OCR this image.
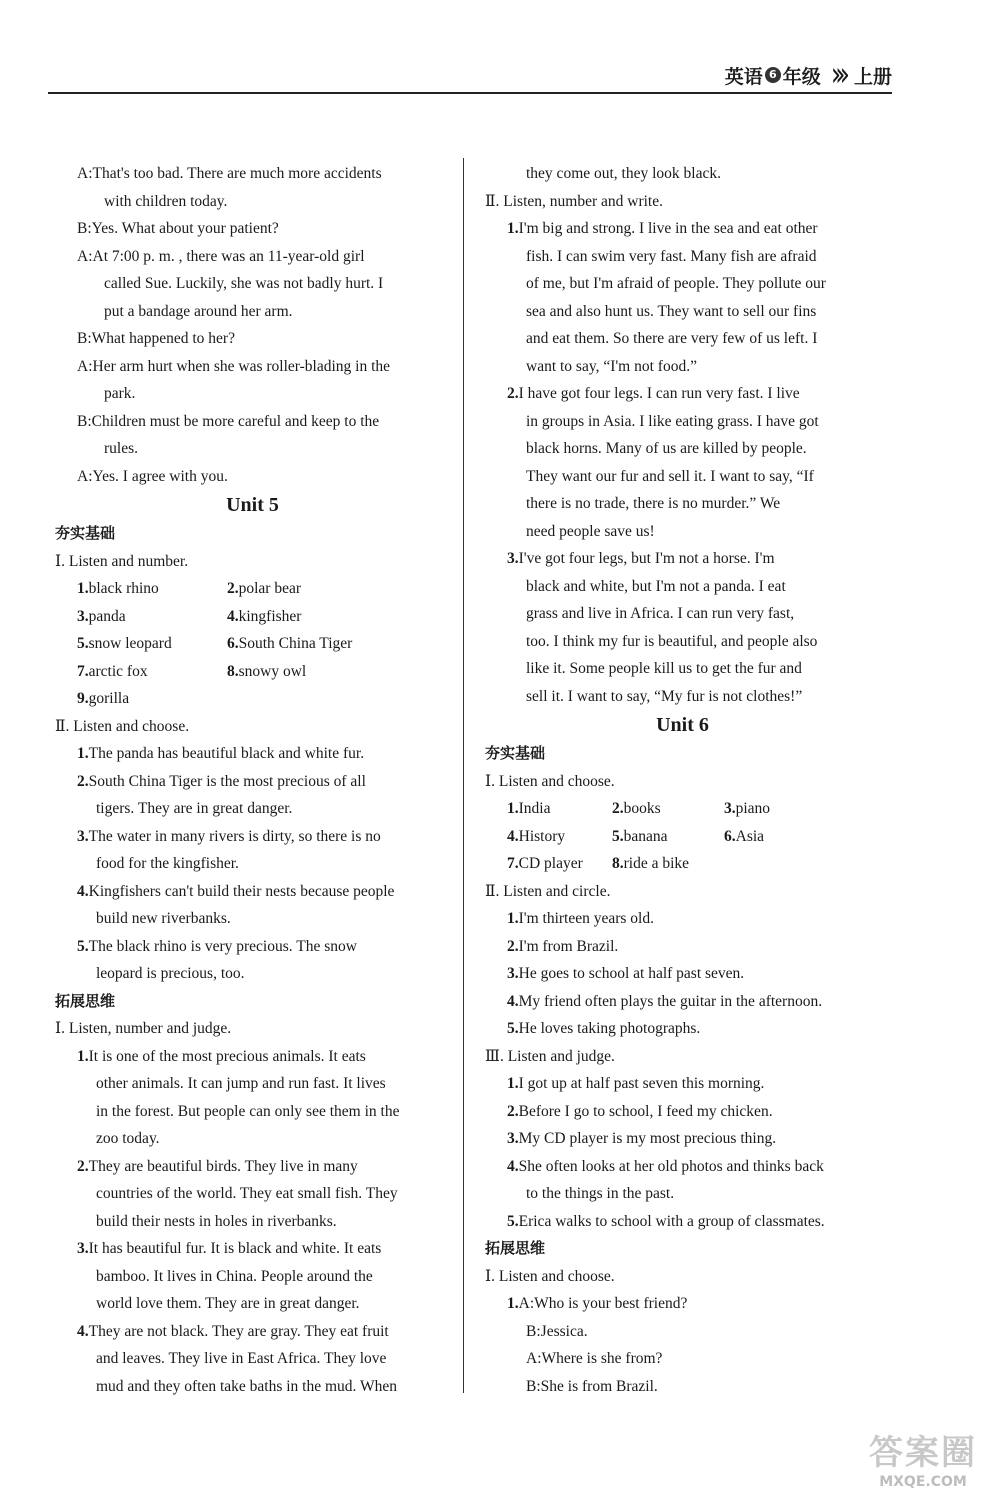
英语 6 年级 ››› 上册
A:That's too bad. There are much more accidents
with children today.
B:Yes. What about your patient?
A:At 7:00 p. m. , there was an 11-year-old girl
called Sue. Luckily, she was not badly hurt. I
put a bandage around her arm.
B:What happened to her?
A:Her arm hurt when she was roller-blading in the
park.
B:Children must be more careful and keep to the
rules.
A:Yes. I agree with you.
Unit 5
夯实基础
Ⅰ. Listen and number.
1.black rhino	2.polar bear
3.panda	4.kingfisher
5.snow leopard	6.South China Tiger
7.arctic fox	8.snowy owl
9.gorilla
Ⅱ. Listen and choose.
1.The panda has beautiful black and white fur.
2.South China Tiger is the most precious of all
tigers. They are in great danger.
3.The water in many rivers is dirty, so there is no
food for the kingfisher.
4.Kingfishers can't build their nests because people
build new riverbanks.
5.The black rhino is very precious. The snow
leopard is precious, too.
拓展思维
Ⅰ. Listen, number and judge.
1.It is one of the most precious animals. It eats
other animals. It can jump and run fast. It lives
in the forest. But people can only see them in the
zoo today.
2.They are beautiful birds. They live in many
countries of the world. They eat small fish. They
build their nests in holes in riverbanks.
3.It has beautiful fur. It is black and white. It eats
bamboo. It lives in China. People around the
world love them. They are in great danger.
4.They are not black. They are gray. They eat fruit
and leaves. They live in East Africa. They love
mud and they often take baths in the mud. When
they come out, they look black.
Ⅱ. Listen, number and write.
1.I'm big and strong. I live in the sea and eat other
fish. I can swim very fast. Many fish are afraid
of me, but I'm afraid of people. They pollute our
sea and also hunt us. They want to sell our fins
and eat them. So there are very few of us left. I
want to say, “I'm not food.”
2.I have got four legs. I can run very fast. I live
in groups in Asia. I like eating grass. I have got
black horns. Many of us are killed by people.
They want our fur and sell it. I want to say, “If
there is no trade, there is no murder.” We
need people save us!
3.I've got four legs, but I'm not a horse. I'm
black and white, but I'm not a panda. I eat
grass and live in Africa. I can run very fast,
too. I think my fur is beautiful, and people also
like it. Some people kill us to get the fur and
sell it. I want to say, “My fur is not clothes!”
Unit 6
夯实基础
Ⅰ. Listen and choose.
1.India	2.books	3.piano
4.History	5.banana	6.Asia
7.CD player	8.ride a bike
Ⅱ. Listen and circle.
1.I'm thirteen years old.
2.I'm from Brazil.
3.He goes to school at half past seven.
4.My friend often plays the guitar in the afternoon.
5.He loves taking photographs.
Ⅲ. Listen and judge.
1.I got up at half past seven this morning.
2.Before I go to school, I feed my chicken.
3.My CD player is my most precious thing.
4.She often looks at her old photos and thinks back
to the things in the past.
5.Erica walks to school with a group of classmates.
拓展思维
Ⅰ. Listen and choose.
1.A:Who is your best friend?
B:Jessica.
A:Where is she from?
B:She is from Brazil.
答案圈
MXQE.COM
